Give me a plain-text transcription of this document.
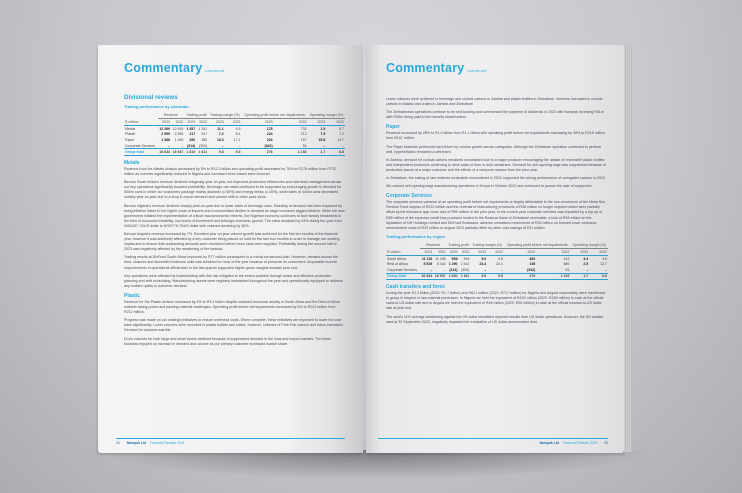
Commentary continued
Divisional reviews
Trading performance by substrate
	Revenue		Trading profit		Trading margin (%)		Operating profit before net impairments		Operating margin (%)	
R million	2023	2022	2023	2022	2023	2022	2023	2022	2023	2022
Metals	12 269	12 915	1 357	1 281	11.1	9.9	178	732	1.5	5.7
Plastic	2 999	2 953	217	247	7.2	8.4	224	212	7.5	7.2
Paper	1 366	1 069	250	183	18.3	17.1	216	157	15.8	14.7
Corporate Services	–	–	(214)	(300)	–	–	(342)	51	–	–
Group total	16 634	16 937	1 610	1 611	9.8	9.5	276	1 152	1.7	6.8
Metals

Revenue from the Metals division decreased by 5% to R12.3 billion and operating profit decreased by 76% to R178 million from R732 million as volumes significantly reduced in Nigeria and increased forex losses were incurred.

Bevcan South Africa's revenue declined marginally year on year, but improved production efficiencies and overhead management across our key operations significantly boosted profitability. Beverage can sales continued to be supported by encouraging growth in demand for 500ml cans in which our customers package mainly alcoholic (c.55%) and energy drinks (c.45%), while sales of 440ml cans decreased notably year on year due to a drop in export demand and volume shift to other pack sizes.

Bevcan Nigeria's revenue declined sharply year-on-year due to lower sales of beverage cans. Elasticity of demand has been impacted by rising inflation linked to the higher costs of imports and a concomitant decline in demand as wage increases lagged inflation. While the new government initiated the implementation of critical macroeconomic reforms, the Nigerian economy continues to face steady headwinds in the form of economic instability, low levels of investment and lethargic economic growth. The naira devalued by 44% during the year from NGN437.74/US dollar to NGN776.79/US dollar with volumes declining by 36%.

Bevcan Angola's revenue increased by 7%. Excellent year on year volume growth was achieved for the first ten months of the financial year, however it was adversely affected by a key customer being placed on hold for the last four months in order to manage our working capital and to ensure that outstanding amounts were recovered before more cans were supplied. Profitability during the second half of 2023 was negatively affected by the weakening of the kwanza.

Trading results at DivFood South Africa improved by R77 million consequent to a robust turnaround plan. However, demand across the food, closures and diversified business units was subdued for most of the year because of pressure on consumers' disposable income. Improvements in operational efficiencies in the last quarter supported higher gross margins towards year end.

Key operations were affected by loadshedding with this risk mitigated to the extent possible through active and effective production planning and shift scheduling. Manufacturing assets were regularly maintained throughout the year and operationally equipped to address any sudden uptick in customer demand.

Plastic

Revenue for the Plastic division increased by 2% to R3.0 billion despite subdued economic activity in South Africa and the Rest of Africa markets facing power and packing material challenges. Operating profit before net impairments increased by 6% to R224 million from R212 million.

Progress was made on our strategic initiatives to reduce overhead costs. When complete, these initiatives are expected to lower the cost base significantly. Lower volumes were recorded in plastic bottles and crates, however, volumes of Pure-Pak cartons and tubes increased. Demand for closures was flat.

Drum volumes for both large and small drums declined because of suppressed demand in the local and export markets. The tubes business enjoyed an increase in demand and volume as our primary customer increased market share.

04 Nampak Ltd Financial Results 2023
Commentary continued

Lower volumes were achieved in beverage and conical cartons in Zambia and plastic bottles in Zimbabwe. Volumes increased in conical cartons in Malawi and crates in Zambia and Zimbabwe.

The Zimbabwean operations continue to be self-funding and commenced the payment of dividends in 2023 with Nampak receiving R51m with R50m being paid to the minority shareholders.

Paper

Revenue increased by 28% to R1.4 billion from R1.1 billion with operating profit before net impairments increasing by 38% to R216 million from R157 million.

The Paper business performed well driven by volume growth across categories. Although the Zimbabwe operation continued to perform well, hyperinflation remained a detriment.

In Zambia, demand for conical cartons remained constrained due to a major producer encouraging the uptake of returnable plastic bottles and independent producers continuing to drive sales of beer in bulk containers. Demand for self-opening bags was suppressed because of production issues at a major customer and the effects of a carryover season from the prior year.

In Zimbabwe, the easing of raw material constraints encountered in 2022 supported the strong performance of corrugated cartons in 2023.

We ceased self-opening bags manufacturing operations in Kenya in October 2022 and continued to pursue the sale of equipment.

Corporate Services

The corporate services variance at an operating profit before net impairments is largely attributable to the non-recurrence of the Metal Box Pension Fund surplus of R222 million and the reversal of restructuring provisions of R48 million no longer required which were partially offset by the insurance gap cover loss of R50 million in the prior year. In the current year corporate services was impacted by a top-up of R65 million of the expected credit loss provision related to the Reserve Bank of Zimbabwe receivable, a loss of R49 million on the liquidation of NH Holdings Limited and DivFood Botswana, adverse unrealised movements of R44 million on forward cover contracts, retrenchment costs of R33 million in August 2023 partially offset by other cost savings of R11 million.

Trading performance by region
	Revenue		Trading profit		Trading margin (%)		Operating profit before net impairments		Operating margin (%)	
R million	2023	2022	2023	2022	2023	2022	2023	2022	2023	2022
South Africa	11 115	11 495	556	399	5.0	3.5	482	412	4.3	3.6
Rest of Africa	5 519	5 442	1 290	1 512	23.4	24.1	136	689	2.5	12.7
Corporate Services	–	–	(214)	(300)	–	–	(342)	51	–	–
Group total	16 634	16 937	1 630	1 611	9.8	9.5	276	1 152	1.7	6.8
Cash transfers and forex

During the year R1.3 billion (2022: R1.7 billion) and R621 million (2022: R717 million) for Nigeria and Angola respectively were transferred to group in respect of raw material purchases. In Nigeria we held the equivalent of R192 million (2022: R269 million) in cash at the official naira-to-US dollar rate and in Angola we held the equivalent of R46 million (2022: R50 million) in cash at the official kwanza-to-US dollar rate at year end.

The rand's 11% average weakening against the US dollar benefitted reported results from US dollar operations. However, the 5% weaker rand at 30 September 2023, negatively impacted the translation of US dollar-denominated debt.

Nampak Ltd Financial Results 2023 05
